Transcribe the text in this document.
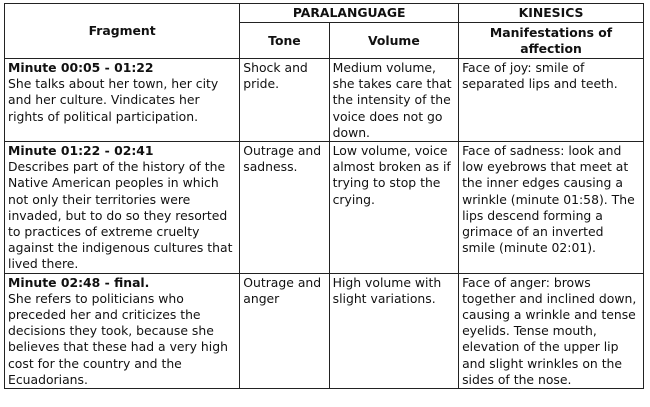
Fragment	PARALANGUAGE		KINESICS
	Tone	Volume	Manifestations of affection

Minute 00:05 - 01:22
She talks about her town, her city and her culture. Vindicates her rights of political participation.	Shock and pride.	Medium volume, she takes care that the intensity of the voice does not go down.	Face of joy: smile of separated lips and teeth.

Minute 01:22 - 02:41
Describes part of the history of the Native American peoples in which not only their territories were invaded, but to do so they resorted to practices of extreme cruelty against the indigenous cultures that lived there.	Outrage and sadness.	Low volume, voice almost broken as if trying to stop the crying.	Face of sadness: look and low eyebrows that meet at the inner edges causing a wrinkle (minute 01:58). The lips descend forming a grimace of an inverted smile (minute 02:01).

Minute 02:48 - final.
She refers to politicians who preceded her and criticizes the decisions they took, because she believes that these had a very high cost for the country and the Ecuadorians.	Outrage and anger	High volume with slight variations.	Face of anger: brows together and inclined down, causing a wrinkle and tense eyelids. Tense mouth, elevation of the upper lip and slight wrinkles on the sides of the nose.
